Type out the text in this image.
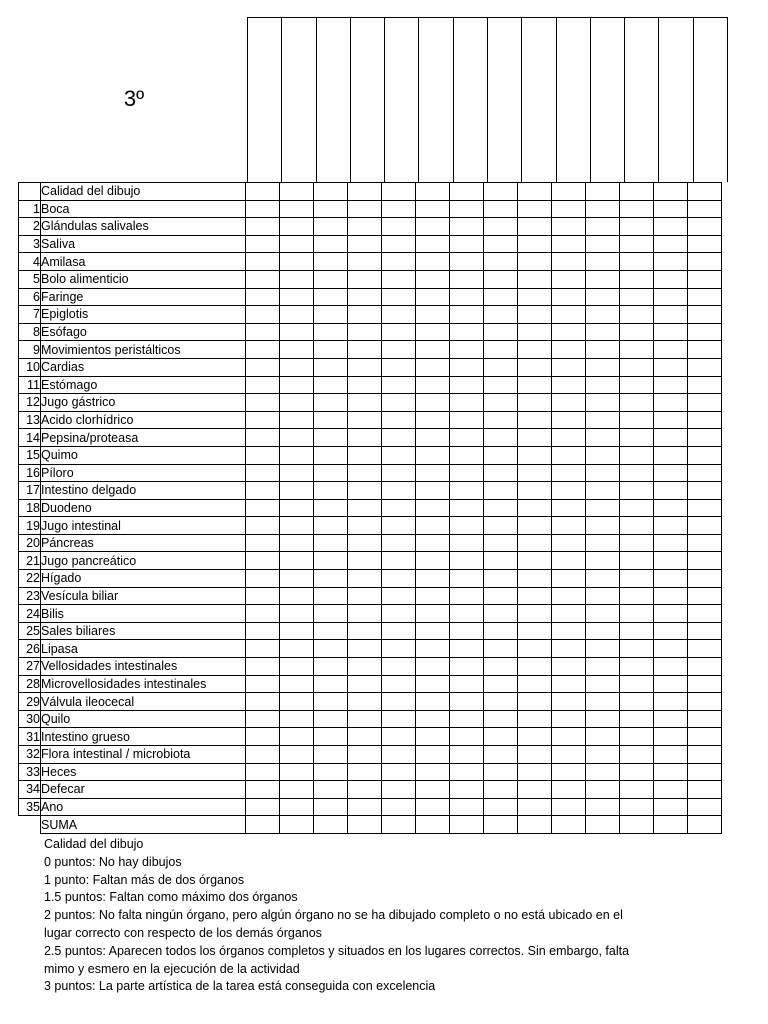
3º
	Calidad del dibujo														
1	Boca														
2	Glándulas salivales														
3	Saliva														
4	Amilasa														
5	Bolo alimenticio														
6	Faringe														
7	Epiglotis														
8	Esófago														
9	Movimientos peristálticos														
10	Cardias														
11	Estómago														
12	Jugo gástrico														
13	Acido clorhídrico														
14	Pepsina/proteasa														
15	Quimo														
16	Píloro														
17	Intestino delgado														
18	Duodeno														
19	Jugo intestinal														
20	Páncreas														
21	Jugo pancreático														
22	Hígado														
23	Vesícula biliar														
24	Bilis														
25	Sales biliares														
26	Lipasa														
27	Vellosidades intestinales														
28	Microvellosidades intestinales														
29	Válvula ileocecal														
30	Quilo														
31	Intestino grueso														
32	Flora intestinal / microbiota														
33	Heces														
34	Defecar														
35	Ano														
	SUMA														
Calidad del dibujo
0 puntos: No hay dibujos
1 punto: Faltan más de dos órganos
1.5 puntos: Faltan como máximo dos órganos
2 puntos: No falta ningún órgano, pero algún órgano no se ha dibujado completo o no está ubicado en el
lugar correcto con respecto de los demás órganos
2.5 puntos: Aparecen todos los órganos completos y situados en los lugares correctos. Sin embargo, falta
mimo y esmero en la ejecución de la actividad
3 puntos: La parte artística de la tarea está conseguida con excelencia
